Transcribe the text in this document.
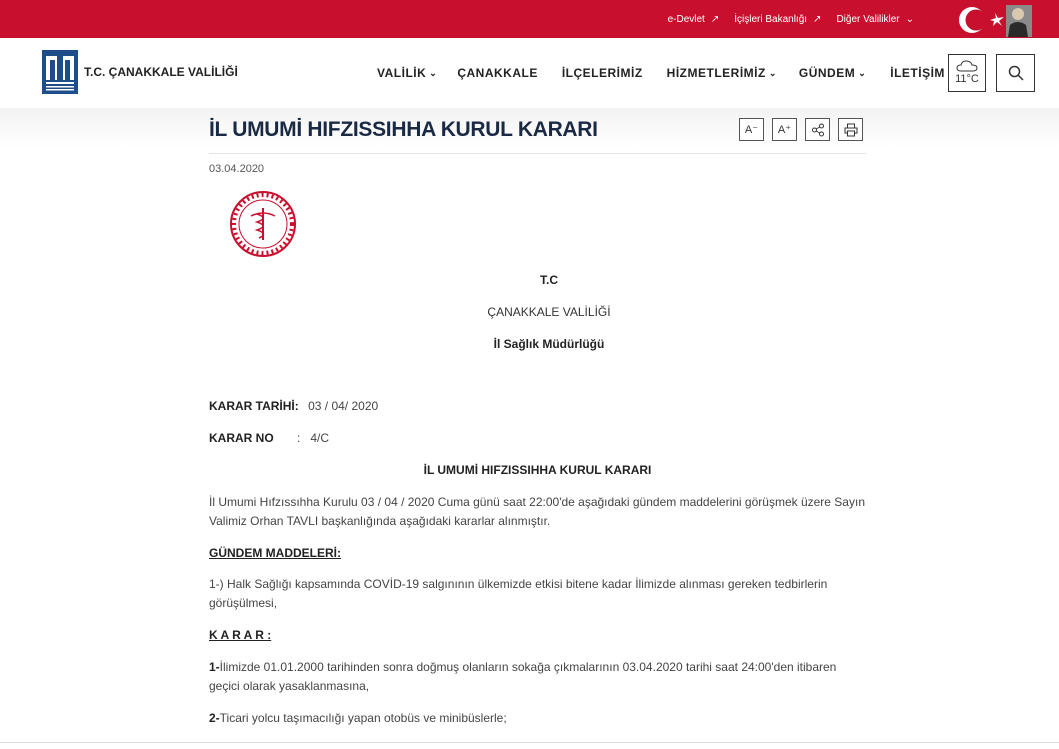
e-Devlet ↗ İçişleri Bakanlığı ↗ Diğer Valilikler ⌄
T.C. ÇANAKKALE VALİLİĞİ	VALİLİK ⌄ ÇANAKKALE İLÇELERİMİZ HİZMETLERİMİZ ⌄ GÜNDEM ⌄ İLETİŞİM 11°C
İL UMUMİ HIFZISSIHHA KURUL KARARI	A⁻ A⁺
03.04.2020
T.C
ÇANAKKALE VALİLİĞİ
İl Sağlık Müdürlüğü
KARAR TARİHİ: 03 / 04/ 2020
KARAR NO :   4/C
İL UMUMİ HIFZISSIHHA KURUL KARARI
İl Umumi Hıfzıssıhha Kurulu 03 / 04 / 2020 Cuma günü saat 22:00'de aşağıdaki gündem maddelerini görüşmek üzere Sayın Valimiz Orhan TAVLI başkanlığında aşağıdaki kararlar alınmıştır.
GÜNDEM MADDELERİ:
1-) Halk Sağlığı kapsamında COVİD-19 salgınının ülkemizde etkisi bitene kadar İlimizde alınması gereken tedbirlerin görüşülmesi,
K A R A R :
1-İlimizde 01.01.2000 tarihinden sonra doğmuş olanların sokağa çıkmalarının 03.04.2020 tarihi saat 24:00'den itibaren geçici olarak yasaklanmasına,
2-Ticari yolcu taşımacılığı yapan otobüs ve minibüslerle;
